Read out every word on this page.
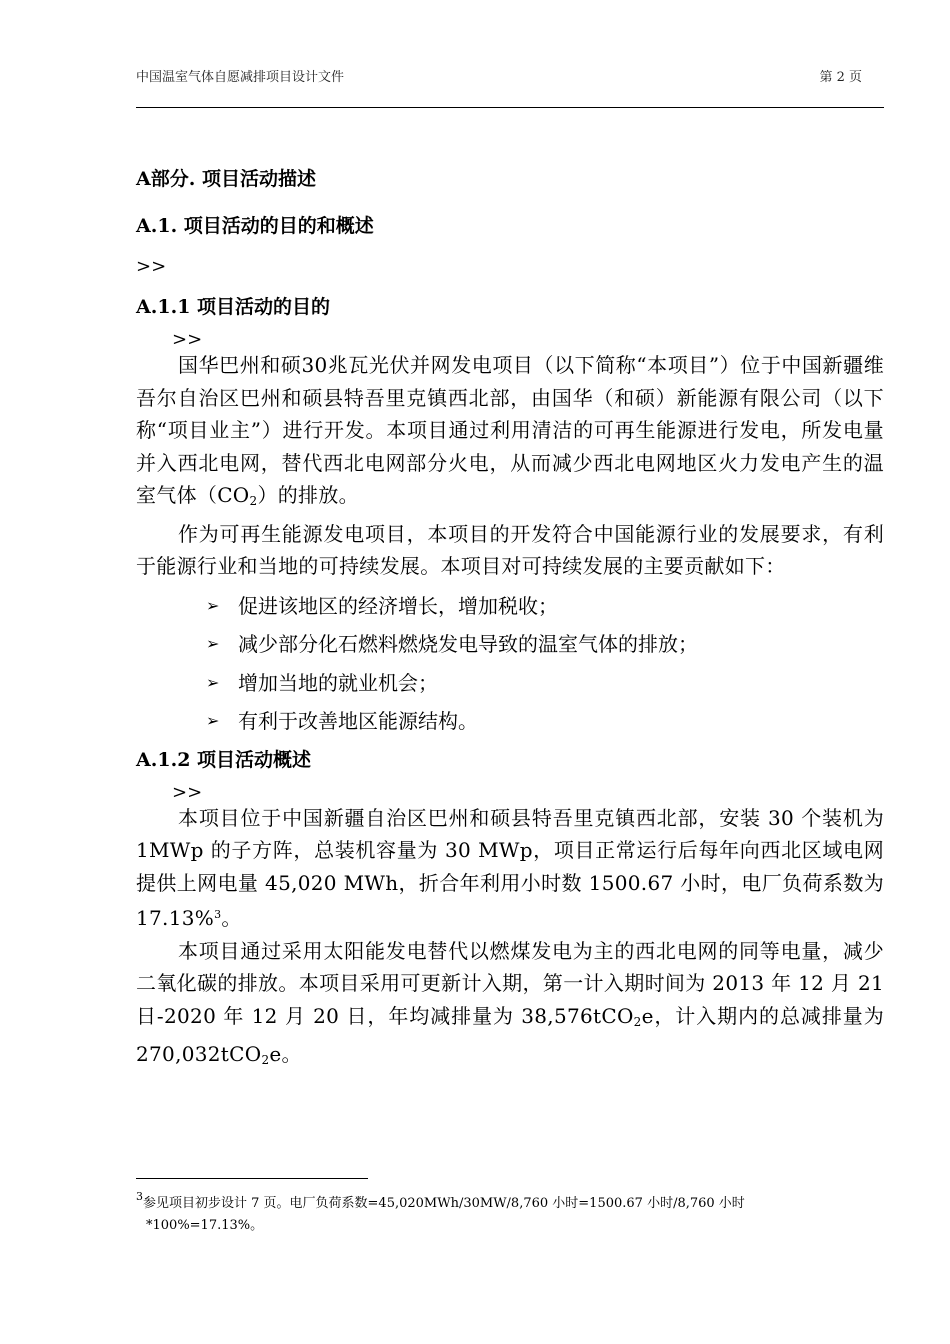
中国温室气体自愿减排项目设计文件	第 2 页
A部分. 项目活动描述
A.1. 项目活动的目的和概述
>>
A.1.1 项目活动的目的
>>

国华巴州和硕30兆瓦光伏并网发电项目（以下简称“本项目”）位于中国新疆维吾尔自治区巴州和硕县特吾里克镇西北部，由国华（和硕）新能源有限公司（以下称“项目业主”）进行开发。本项目通过利用清洁的可再生能源进行发电，所发电量并入西北电网，替代西北电网部分火电，从而减少西北电网地区火力发电产生的温室气体$(CO_2)$的排放。

作为可再生能源发电项目，本项目的开发符合中国能源行业的发展要求，有利于能源行业和当地的可持续发展。本项目对可持续发展的主要贡献如下：

➢ 促进该地区的经济增长，增加税收；
➢ 减少部分化石燃料燃烧发电导致的温室气体的排放；
➢ 增加当地的就业机会；
➢ 有利于改善地区能源结构。
A.1.2 项目活动概述
>>

本项目位于中国新疆自治区巴州和硕县特吾里克镇西北部，安装 30 个装机为 1MWp 的子方阵，总装机容量为 30 MWp，项目正常运行后每年向西北区域电网提供上网电量 45,020 MWh，折合年利用小时数 1500.67 小时，电厂负荷系数为 17.13%$^3$。

本项目通过采用太阳能发电替代以燃煤发电为主的西北电网的同等电量，减少二氧化碳的排放。本项目采用可更新计入期，第一计入期时间为 2013 年 12 月 21 日-2020 年 12 月 20 日，年均减排量为 38,576tCO$_2$e，计入期内的总减排量为 270,032tCO$_2$e。

$^3$参见项目初步设计 7 页。电厂负荷系数=45,020MWh/30MW/8,760 小时=1500.67 小时/8,760 小时
*100%=17.13%。
